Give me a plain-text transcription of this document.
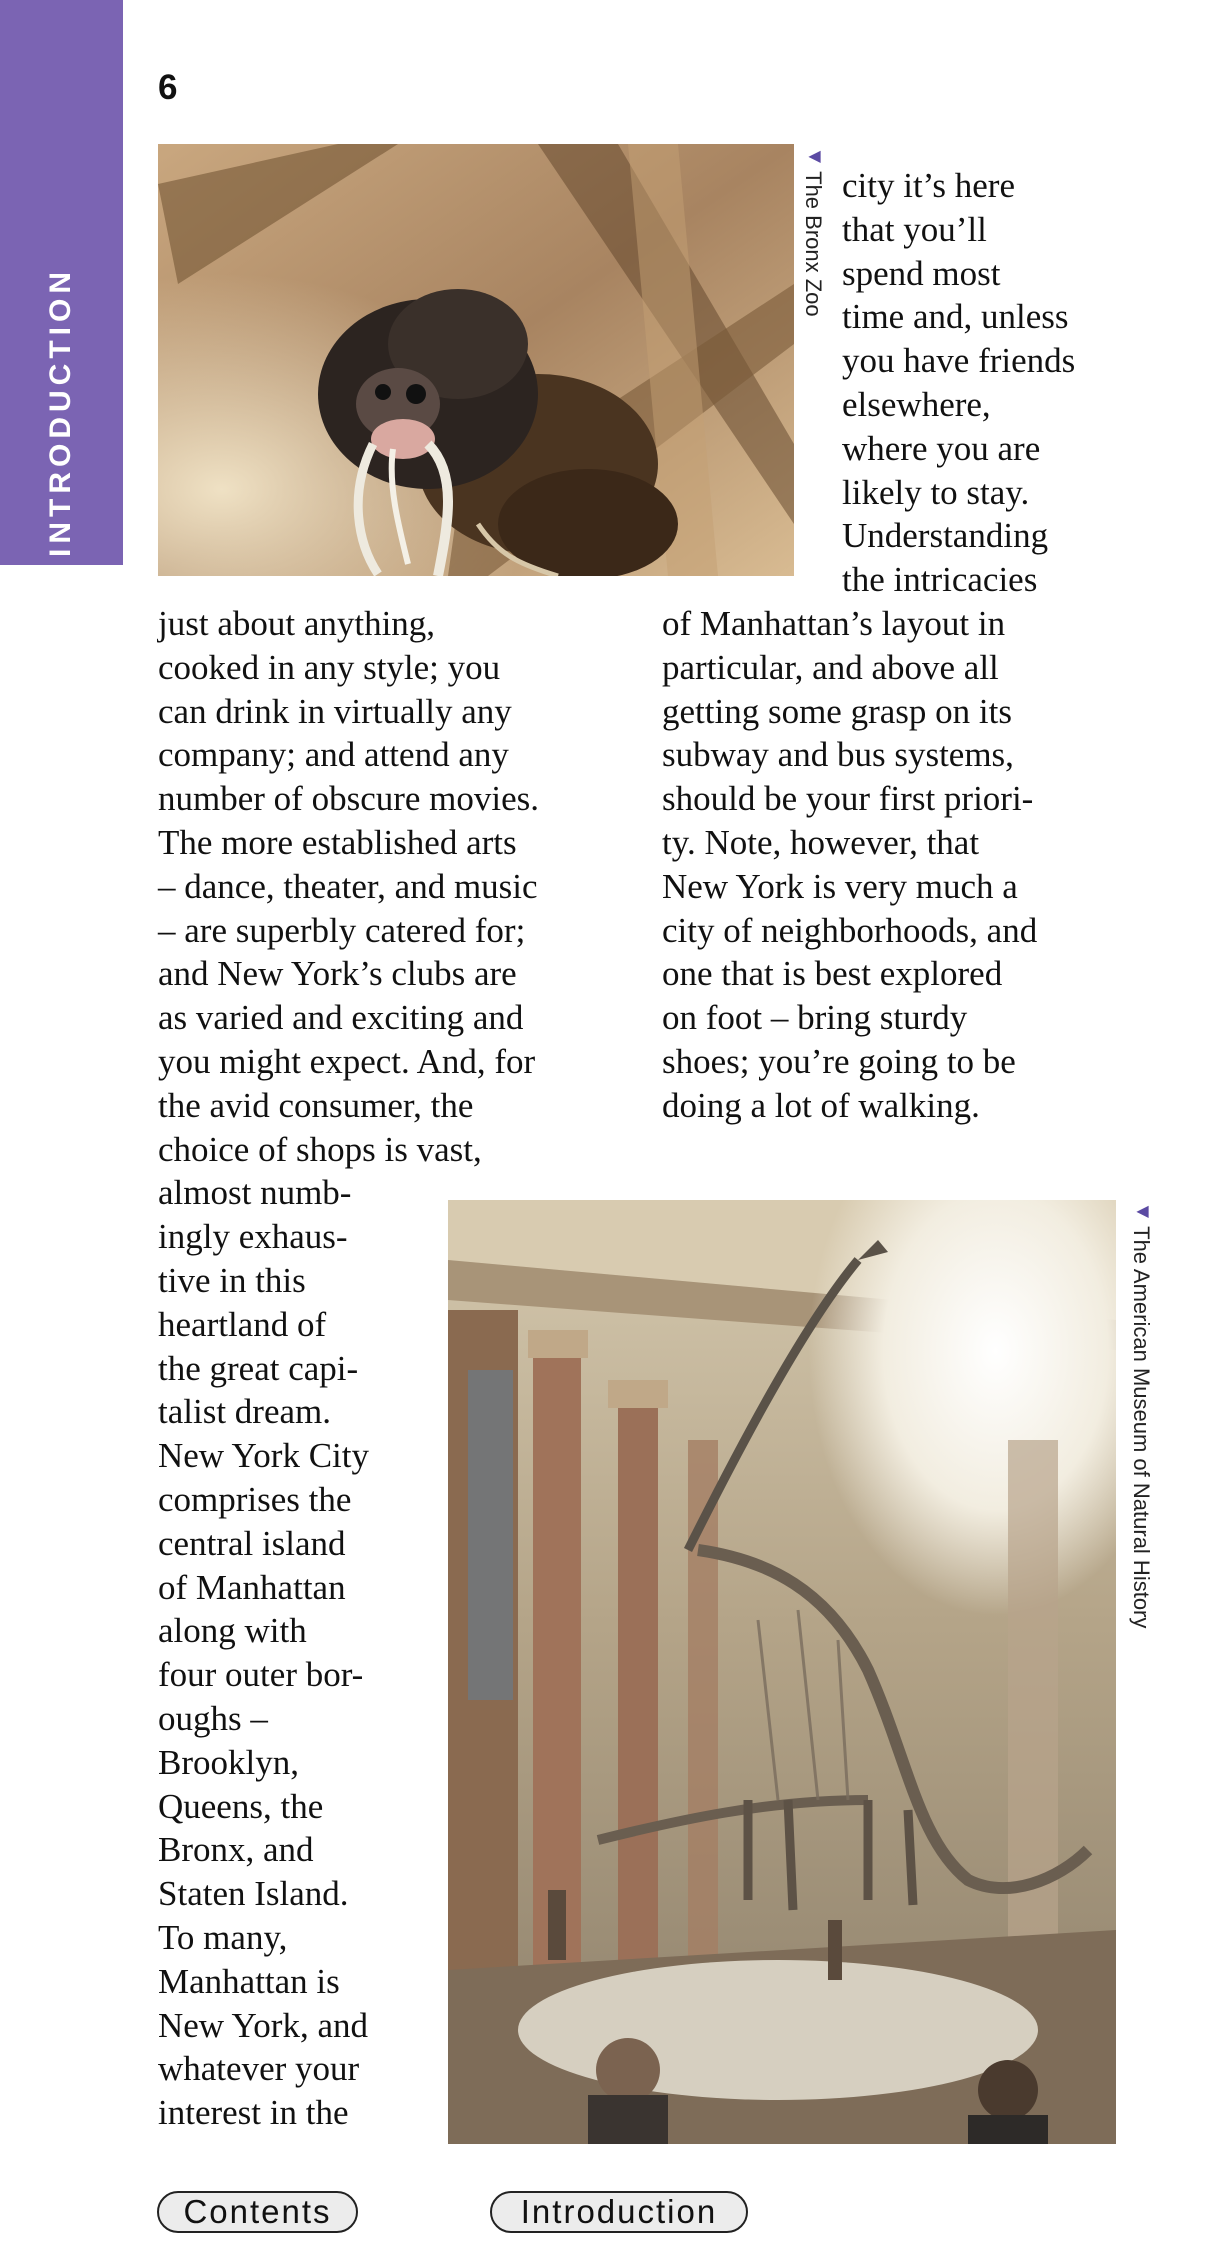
INTRODUCTION
6
◀ The Bronx Zoo city it’s here
that you’ll
spend most
time and, unless
you have friends
elsewhere,
where you are
likely to stay.
Understanding
the intricacies
of Manhattan’s layout in
particular, and above all
getting some grasp on its
subway and bus systems,
should be your first priori-
ty. Note, however, that
New York is very much a
city of neighborhoods, and
one that is best explored
on foot – bring sturdy
shoes; you’re going to be
doing a lot of walking.
just about anything,
cooked in any style; you
can drink in virtually any
company; and attend any
number of obscure movies.
The more established arts
– dance, theater, and music
– are superbly catered for;
and New York’s clubs are
as varied and exciting and
you might expect. And, for
the avid consumer, the
choice of shops is vast,
almost numb-
ingly exhaus-
tive in this
heartland of
the great capi-
talist dream.
New York City
comprises the
central island
of Manhattan
along with
four outer bor-
oughs –
Brooklyn,
Queens, the
Bronx, and
Staten Island.
To many,
Manhattan is
New York, and
whatever your
interest in the
◀ The American Museum of Natural History
Contents	Introduction
